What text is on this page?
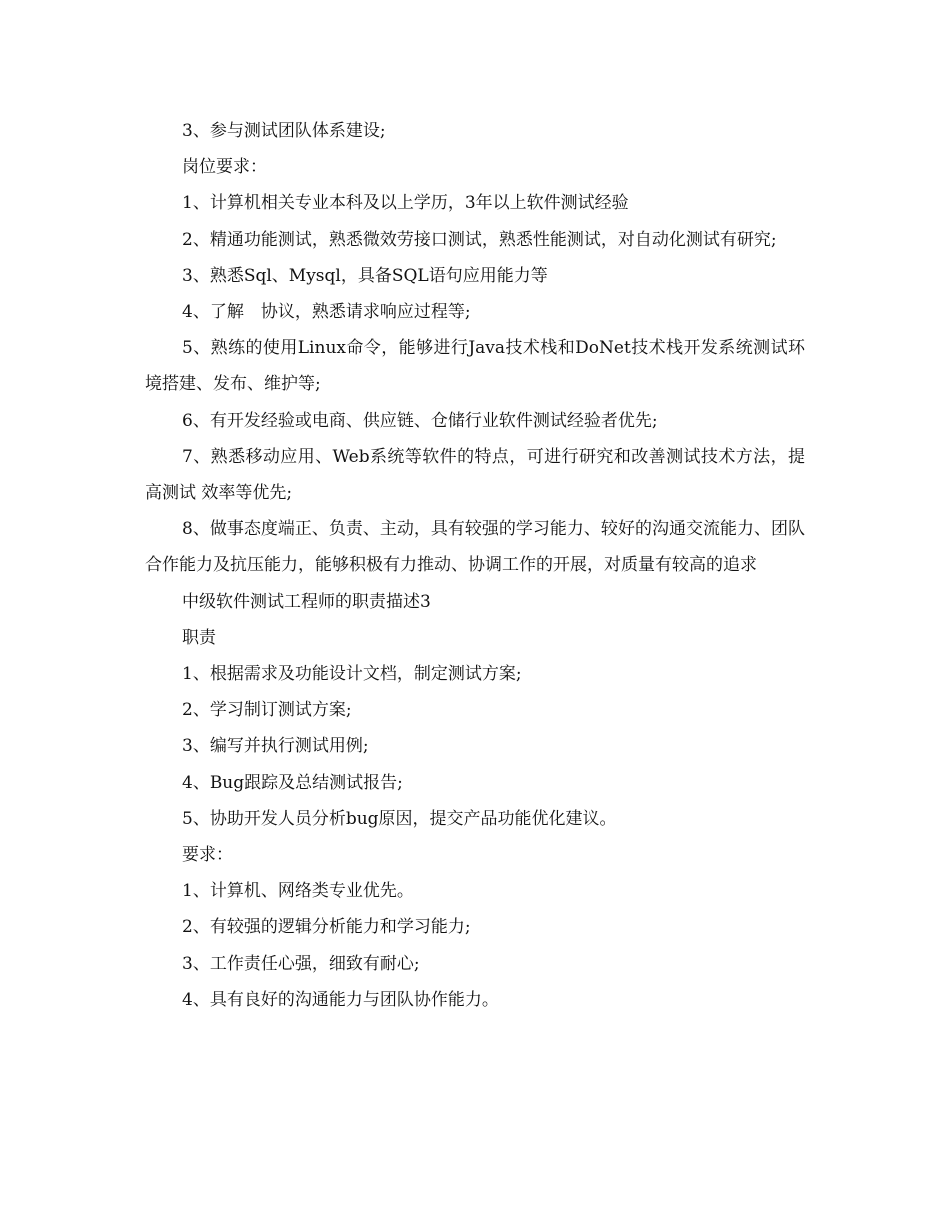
3、参与测试团队体系建设;

岗位要求：

1、计算机相关专业本科及以上学历，3年以上软件测试经验

2、精通功能测试，熟悉微效劳接口测试，熟悉性能测试，对自动化测试有研究;

3、熟悉Sql、Mysql，具备SQL语句应用能力等

4、了解　协议，熟悉请求响应过程等;

5、熟练的使用Linux命令，能够进行Java技术栈和DoNet技术栈开发系统测试环境搭建、发布、维护等;

6、有开发经验或电商、供应链、仓储行业软件测试经验者优先;

7、熟悉移动应用、Web系统等软件的特点，可进行研究和改善测试技术方法，提高测试 效率等优先;

8、做事态度端正、负责、主动，具有较强的学习能力、较好的沟通交流能力、团队合作能力及抗压能力，能够积极有力推动、协调工作的开展，对质量有较高的追求

中级软件测试工程师的职责描述3

职责

1、根据需求及功能设计文档，制定测试方案;

2、学习制订测试方案;

3、编写并执行测试用例;

4、Bug跟踪及总结测试报告;

5、协助开发人员分析bug原因，提交产品功能优化建议。

要求：

1、计算机、网络类专业优先。

2、有较强的逻辑分析能力和学习能力;

3、工作责任心强，细致有耐心;

4、具有良好的沟通能力与团队协作能力。
